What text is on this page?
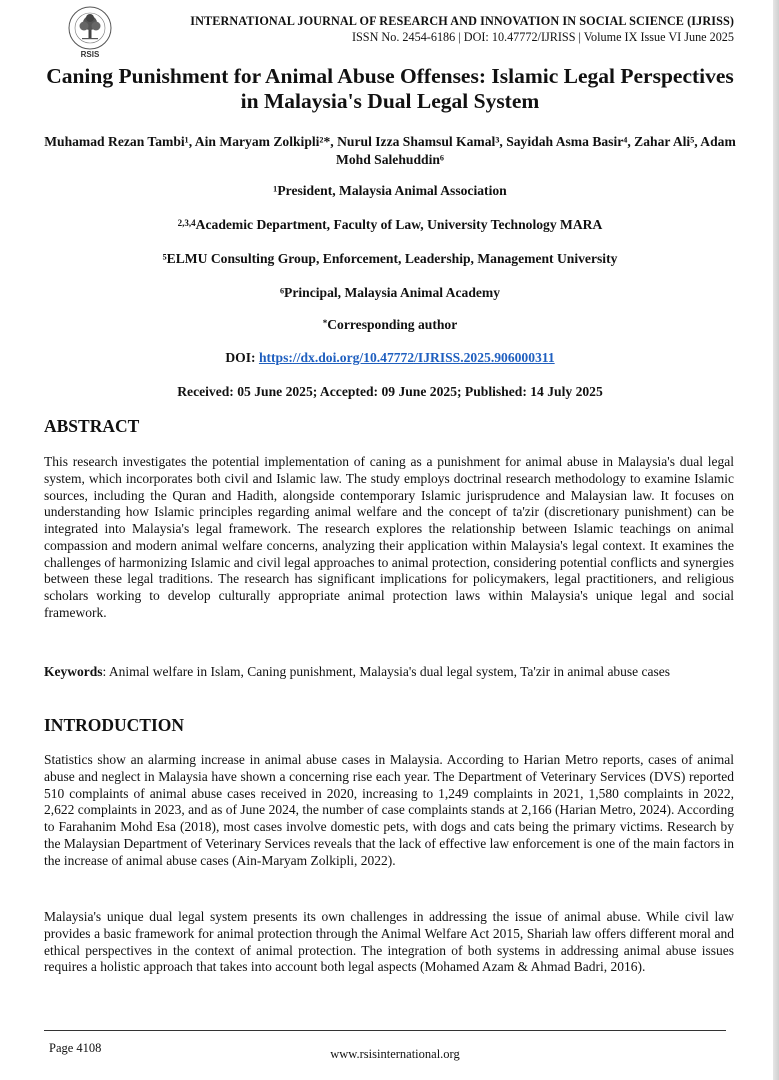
RSIS
INTERNATIONAL JOURNAL OF RESEARCH AND INNOVATION IN SOCIAL SCIENCE (IJRISS)
ISSN No. 2454-6186 | DOI: 10.47772/IJRISS | Volume IX Issue VI June 2025
Caning Punishment for Animal Abuse Offenses: Islamic Legal Perspectives in Malaysia's Dual Legal System
Muhamad Rezan Tambi¹, Ain Maryam Zolkipli²*, Nurul Izza Shamsul Kamal³, Sayidah Asma Basir⁴, Zahar Ali⁵, Adam Mohd Salehuddin⁶
¹President, Malaysia Animal Association
$^{2,3,4}$Academic Department, Faculty of Law, University Technology MARA
⁵ELMU Consulting Group, Enforcement, Leadership, Management University
⁶Principal, Malaysia Animal Academy
*Corresponding author
DOI: https://dx.doi.org/10.47772/IJRISS.2025.906000311
Received: 05 June 2025; Accepted: 09 June 2025; Published: 14 July 2025
ABSTRACT
This research investigates the potential implementation of caning as a punishment for animal abuse in Malaysia's dual legal system, which incorporates both civil and Islamic law. The study employs doctrinal research methodology to examine Islamic sources, including the Quran and Hadith, alongside contemporary Islamic jurisprudence and Malaysian law. It focuses on understanding how Islamic principles regarding animal welfare and the concept of ta'zir (discretionary punishment) can be integrated into Malaysia's legal framework. The research explores the relationship between Islamic teachings on animal compassion and modern animal welfare concerns, analyzing their application within Malaysia's legal context. It examines the challenges of harmonizing Islamic and civil legal approaches to animal protection, considering potential conflicts and synergies between these legal traditions. The research has significant implications for policymakers, legal practitioners, and religious scholars working to develop culturally appropriate animal protection laws within Malaysia's unique legal and social framework.
Keywords: Animal welfare in Islam, Caning punishment, Malaysia's dual legal system, Ta'zir in animal abuse cases
INTRODUCTION
Statistics show an alarming increase in animal abuse cases in Malaysia. According to Harian Metro reports, cases of animal abuse and neglect in Malaysia have shown a concerning rise each year. The Department of Veterinary Services (DVS) reported 510 complaints of animal abuse cases received in 2020, increasing to 1,249 complaints in 2021, 1,580 complaints in 2022, 2,622 complaints in 2023, and as of June 2024, the number of case complaints stands at 2,166 (Harian Metro, 2024). According to Farahanim Mohd Esa (2018), most cases involve domestic pets, with dogs and cats being the primary victims. Research by the Malaysian Department of Veterinary Services reveals that the lack of effective law enforcement is one of the main factors in the increase of animal abuse cases (Ain-Maryam Zolkipli, 2022).
Malaysia's unique dual legal system presents its own challenges in addressing the issue of animal abuse. While civil law provides a basic framework for animal protection through the Animal Welfare Act 2015, Shariah law offers different moral and ethical perspectives in the context of animal protection. The integration of both systems in addressing animal abuse issues requires a holistic approach that takes into account both legal aspects (Mohamed Azam & Ahmad Badri, 2016).
Page 4108	www.rsisinternational.org
